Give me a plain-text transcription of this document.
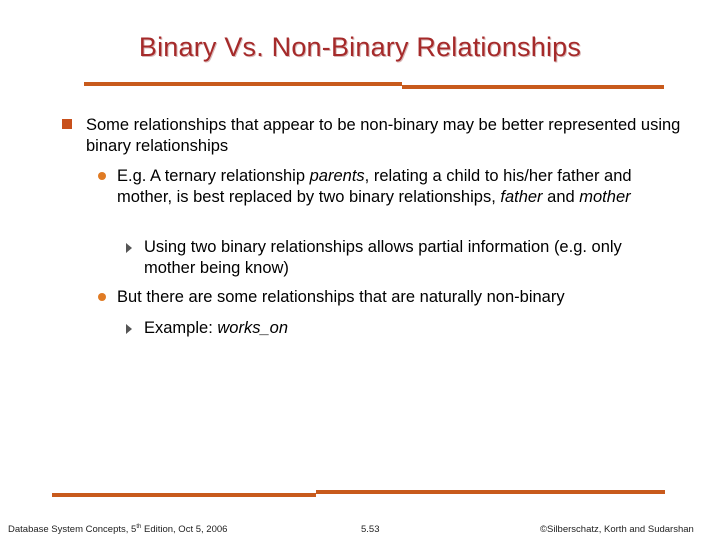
Binary Vs. Non-Binary Relationships
Some relationships that appear to be non-binary may be better represented using binary relationships
E.g. A ternary relationship parents, relating a child to his/her father and mother, is best replaced by two binary relationships, father and mother
Using two binary relationships allows partial information (e.g. only mother being know)
But there are some relationships that are naturally non-binary
Example: works_on
Database System Concepts, 5th Edition, Oct 5, 2006	5.53	©Silberschatz, Korth and Sudarshan
